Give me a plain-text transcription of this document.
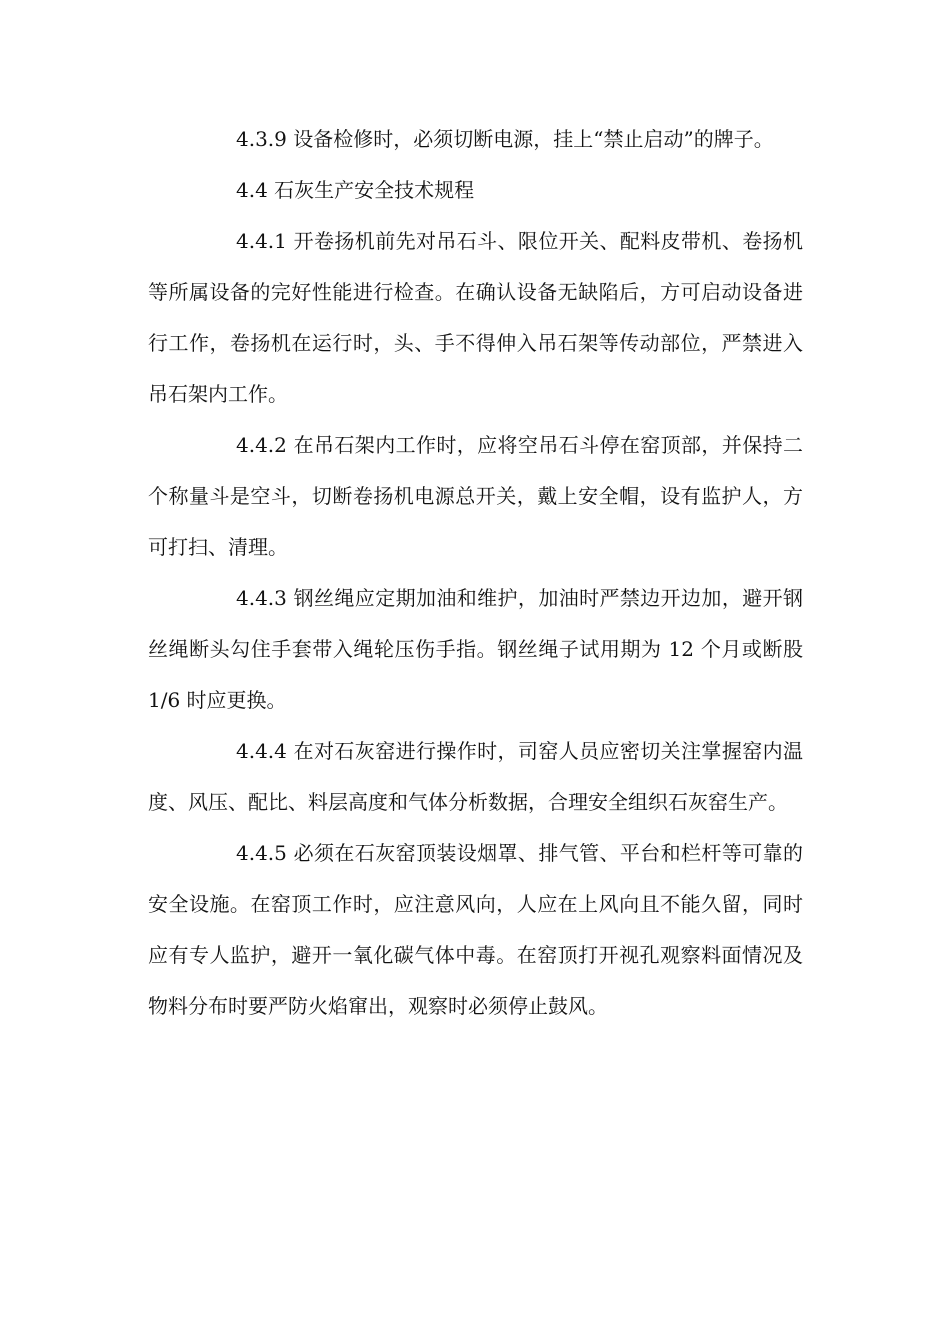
4.3.9 设备检修时，必须切断电源，挂上“禁止启动”的牌子。

4.4 石灰生产安全技术规程

4.4.1 开卷扬机前先对吊石斗、限位开关、配料皮带机、卷扬机等所属设备的完好性能进行检查。在确认设备无缺陷后，方可启动设备进行工作，卷扬机在运行时，头、手不得伸入吊石架等传动部位，严禁进入吊石架内工作。

4.4.2 在吊石架内工作时，应将空吊石斗停在窑顶部，并保持二个称量斗是空斗，切断卷扬机电源总开关，戴上安全帽，设有监护人，方可打扫、清理。

4.4.3 钢丝绳应定期加油和维护，加油时严禁边开边加，避开钢丝绳断头勾住手套带入绳轮压伤手指。钢丝绳子试用期为 12 个月或断股 1/6 时应更换。

4.4.4 在对石灰窑进行操作时，司窑人员应密切关注掌握窑内温度、风压、配比、料层高度和气体分析数据，合理安全组织石灰窑生产。

4.4.5 必须在石灰窑顶装设烟罩、排气管、平台和栏杆等可靠的安全设施。在窑顶工作时，应注意风向，人应在上风向且不能久留，同时应有专人监护，避开一氧化碳气体中毒。在窑顶打开视孔观察料面情况及物料分布时要严防火焰窜出，观察时必须停止鼓风。
